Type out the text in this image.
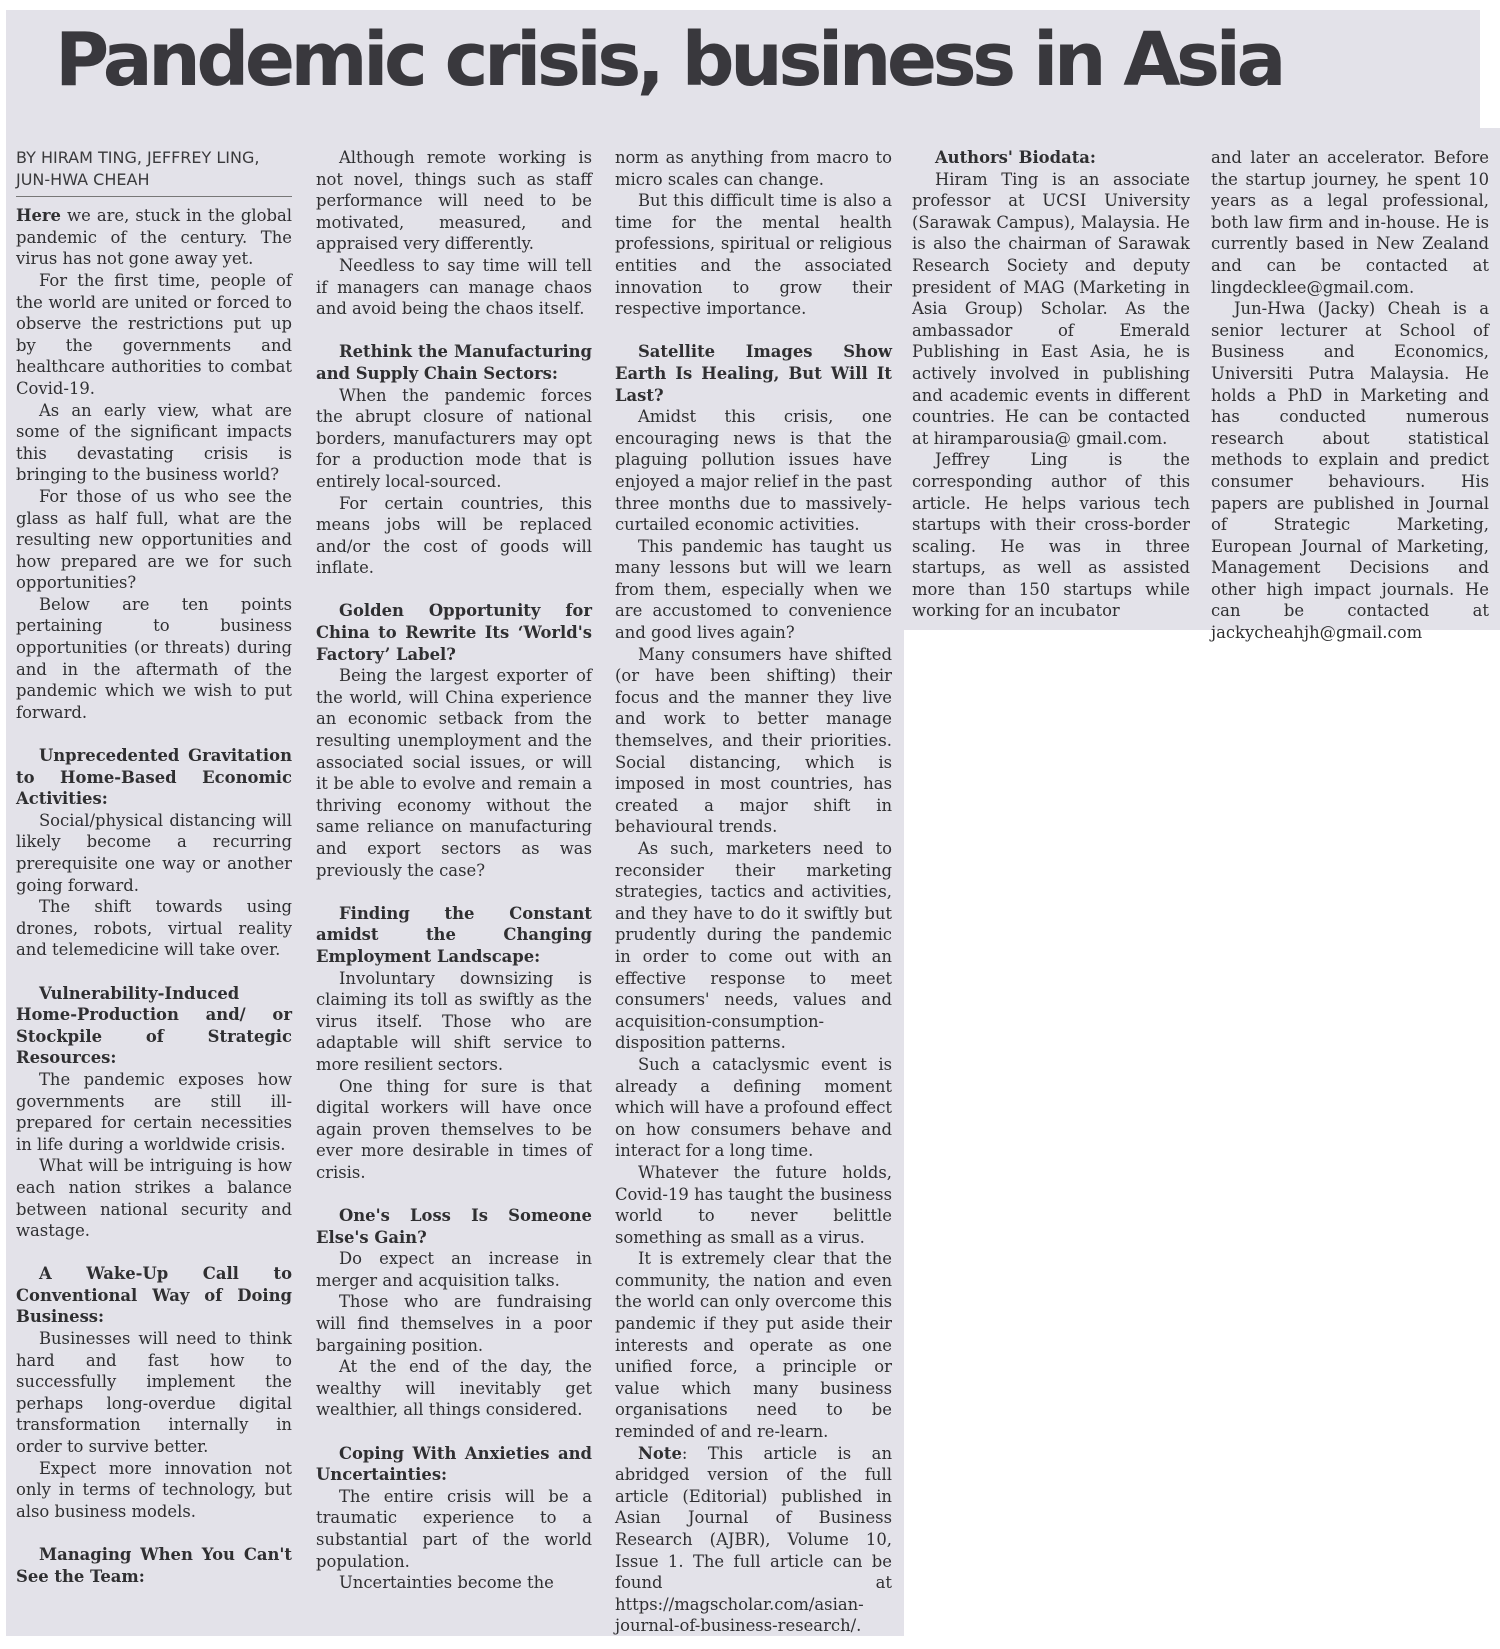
Pandemic crisis, business in Asia
BY HIRAM TING, JEFFREY LING, JUN-HWA CHEAH

Here we are, stuck in the global pandemic of the century. The virus has not gone away yet.

For the first time, people of the world are united or forced to observe the restrictions put up by the governments and healthcare authorities to combat Covid-19.

As an early view, what are some of the significant impacts this devastating crisis is bringing to the business world?

For those of us who see the glass as half full, what are the resulting new opportunities and how prepared are we for such opportunities?

Below are ten points pertaining to business opportunities (or threats) during and in the aftermath of the pandemic which we wish to put forward.

Unprecedented Gravitation to Home-Based Economic Activities:

Social/physical distancing will likely become a recurring prerequisite one way or another going forward.

The shift towards using drones, robots, virtual reality and telemedicine will take over.

Vulnerability-Induced Home-Production and/ or Stockpile of Strategic Resources:

The pandemic exposes how governments are still ill-prepared for certain necessities in life during a worldwide crisis.

What will be intriguing is how each nation strikes a balance between national security and wastage.

A Wake-Up Call to Conventional Way of Doing Business:

Businesses will need to think hard and fast how to successfully implement the perhaps long-overdue digital transformation internally in order to survive better.

Expect more innovation not only in terms of technology, but also business models.

Managing When You Can't See the Team:

Although remote working is not novel, things such as staff performance will need to be motivated, measured, and appraised very differently.

Needless to say time will tell if managers can manage chaos and avoid being the chaos itself.

Rethink the Manufacturing and Supply Chain Sectors:

When the pandemic forces the abrupt closure of national borders, manufacturers may opt for a production mode that is entirely local-sourced.

For certain countries, this means jobs will be replaced and/or the cost of goods will inflate.

Golden Opportunity for China to Rewrite Its ‘World's Factory’ Label?

Being the largest exporter of the world, will China experience an economic setback from the resulting unemployment and the associated social issues, or will it be able to evolve and remain a thriving economy without the same reliance on manufacturing and export sectors as was previously the case?

Finding the Constant amidst the Changing Employment Landscape:

Involuntary downsizing is claiming its toll as swiftly as the virus itself. Those who are adaptable will shift service to more resilient sectors.

One thing for sure is that digital workers will have once again proven themselves to be ever more desirable in times of crisis.

One's Loss Is Someone Else's Gain?

Do expect an increase in merger and acquisition talks.

Those who are fundraising will find themselves in a poor bargaining position.

At the end of the day, the wealthy will inevitably get wealthier, all things considered.

Coping With Anxieties and Uncertainties:

The entire crisis will be a traumatic experience to a substantial part of the world population.

Uncertainties become the

norm as anything from macro to micro scales can change.

But this difficult time is also a time for the mental health professions, spiritual or religious entities and the associated innovation to grow their respective importance.

Satellite Images Show Earth Is Healing, But Will It Last?

Amidst this crisis, one encouraging news is that the plaguing pollution issues have enjoyed a major relief in the past three months due to massively-curtailed economic activities.

This pandemic has taught us many lessons but will we learn from them, especially when we are accustomed to convenience and good lives again?

Many consumers have shifted (or have been shifting) their focus and the manner they live and work to better manage themselves, and their priorities. Social distancing, which is imposed in most countries, has created a major shift in behavioural trends.

As such, marketers need to reconsider their marketing strategies, tactics and activities, and they have to do it swiftly but prudently during the pandemic in order to come out with an effective response to meet consumers' needs, values and acquisition-consumption-disposition patterns.

Such a cataclysmic event is already a defining moment which will have a profound effect on how consumers behave and interact for a long time.

Whatever the future holds, Covid-19 has taught the business world to never belittle something as small as a virus.

It is extremely clear that the community, the nation and even the world can only overcome this pandemic if they put aside their interests and operate as one unified force, a principle or value which many business organisations need to be reminded of and re-learn.

Note: This article is an abridged version of the full article (Editorial) published in Asian Journal of Business Research (AJBR), Volume 10, Issue 1. The full article can be found at https://magscholar.com/asian-journal-of-business-research/.

Authors' Biodata:

Hiram Ting is an associate professor at UCSI University (Sarawak Campus), Malaysia. He is also the chairman of Sarawak Research Society and deputy president of MAG (Marketing in Asia Group) Scholar. As the ambassador of Emerald Publishing in East Asia, he is actively involved in publishing and academic events in different countries. He can be contacted at hiramparousia@ gmail.com.

Jeffrey Ling is the corresponding author of this article. He helps various tech startups with their cross-border scaling. He was in three startups, as well as assisted more than 150 startups while working for an incubator

and later an accelerator. Before the startup journey, he spent 10 years as a legal professional, both law firm and in-house. He is currently based in New Zealand and can be contacted at lingdecklee@gmail.com.

Jun-Hwa (Jacky) Cheah is a senior lecturer at School of Business and Economics, Universiti Putra Malaysia. He holds a PhD in Marketing and has conducted numerous research about statistical methods to explain and predict consumer behaviours. His papers are published in Journal of Strategic Marketing, European Journal of Marketing, Management Decisions and other high impact journals. He can be contacted at jackycheahjh@gmail.com
